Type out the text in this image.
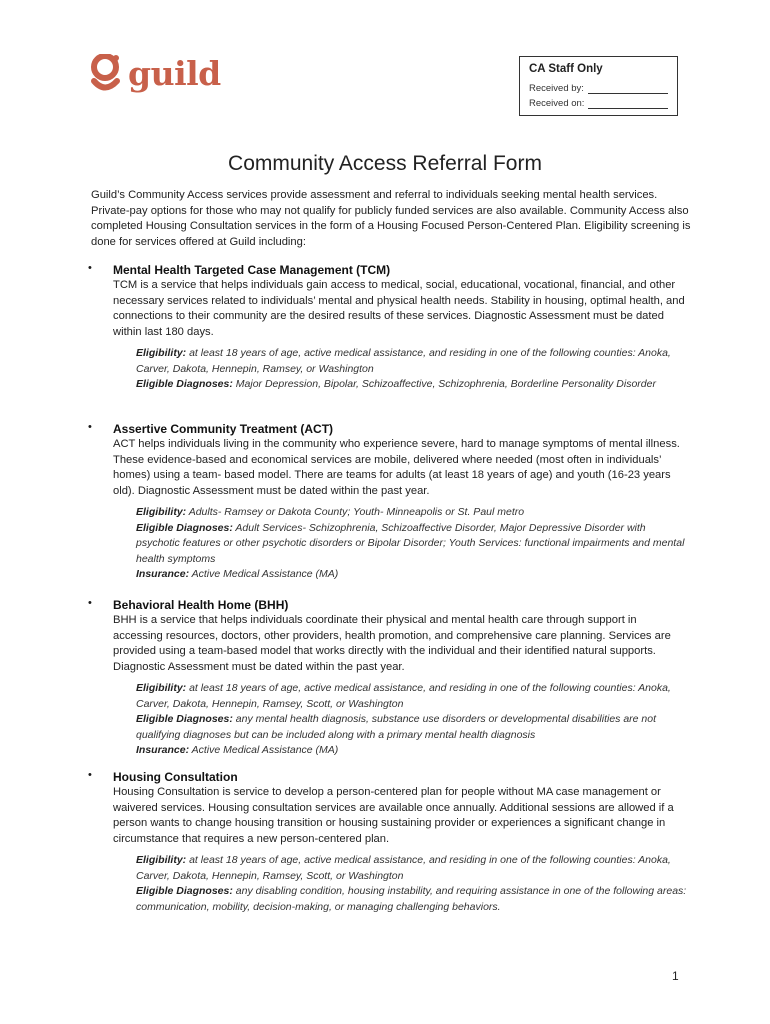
guild	CA Staff Only
Received by:
Received on:
Community Access Referral Form
Guild’s Community Access services provide assessment and referral to individuals seeking mental health services. Private-pay options for those who may not qualify for publicly funded services are also available. Community Access also completed Housing Consultation services in the form of a Housing Focused Person-Centered Plan. Eligibility screening is done for services offered at Guild including:
• Mental Health Targeted Case Management (TCM)
TCM is a service that helps individuals gain access to medical, social, educational, vocational, financial, and other necessary services related to individuals’ mental and physical health needs. Stability in housing, optimal health, and connections to their community are the desired results of these services. Diagnostic Assessment must be dated within last 180 days.
Eligibility: at least 18 years of age, active medical assistance, and residing in one of the following counties: Anoka, Carver, Dakota, Hennepin, Ramsey, or Washington
Eligible Diagnoses: Major Depression, Bipolar, Schizoaffective, Schizophrenia, Borderline Personality Disorder
• Assertive Community Treatment (ACT)
ACT helps individuals living in the community who experience severe, hard to manage symptoms of mental illness. These evidence-based and economical services are mobile, delivered where needed (most often in individuals’ homes) using a team- based model. There are teams for adults (at least 18 years of age) and youth (16-23 years old). Diagnostic Assessment must be dated within the past year.
Eligibility: Adults- Ramsey or Dakota County; Youth- Minneapolis or St. Paul metro
Eligible Diagnoses: Adult Services- Schizophrenia, Schizoaffective Disorder, Major Depressive Disorder with psychotic features or other psychotic disorders or Bipolar Disorder; Youth Services: functional impairments and mental health symptoms
Insurance: Active Medical Assistance (MA)
• Behavioral Health Home (BHH)
BHH is a service that helps individuals coordinate their physical and mental health care through support in accessing resources, doctors, other providers, health promotion, and comprehensive care planning. Services are provided using a team-based model that works directly with the individual and their identified natural supports. Diagnostic Assessment must be dated within the past year.
Eligibility: at least 18 years of age, active medical assistance, and residing in one of the following counties: Anoka, Carver, Dakota, Hennepin, Ramsey, Scott, or Washington
Eligible Diagnoses: any mental health diagnosis, substance use disorders or developmental disabilities are not qualifying diagnoses but can be included along with a primary mental health diagnosis
Insurance: Active Medical Assistance (MA)
• Housing Consultation
Housing Consultation is service to develop a person-centered plan for people without MA case management or waivered services. Housing consultation services are available once annually. Additional sessions are allowed if a person wants to change housing transition or housing sustaining provider or experiences a significant change in circumstance that requires a new person-centered plan.
Eligibility: at least 18 years of age, active medical assistance, and residing in one of the following counties: Anoka, Carver, Dakota, Hennepin, Ramsey, Scott, or Washington
Eligible Diagnoses: any disabling condition, housing instability, and requiring assistance in one of the following areas: communication, mobility, decision-making, or managing challenging behaviors.
1
